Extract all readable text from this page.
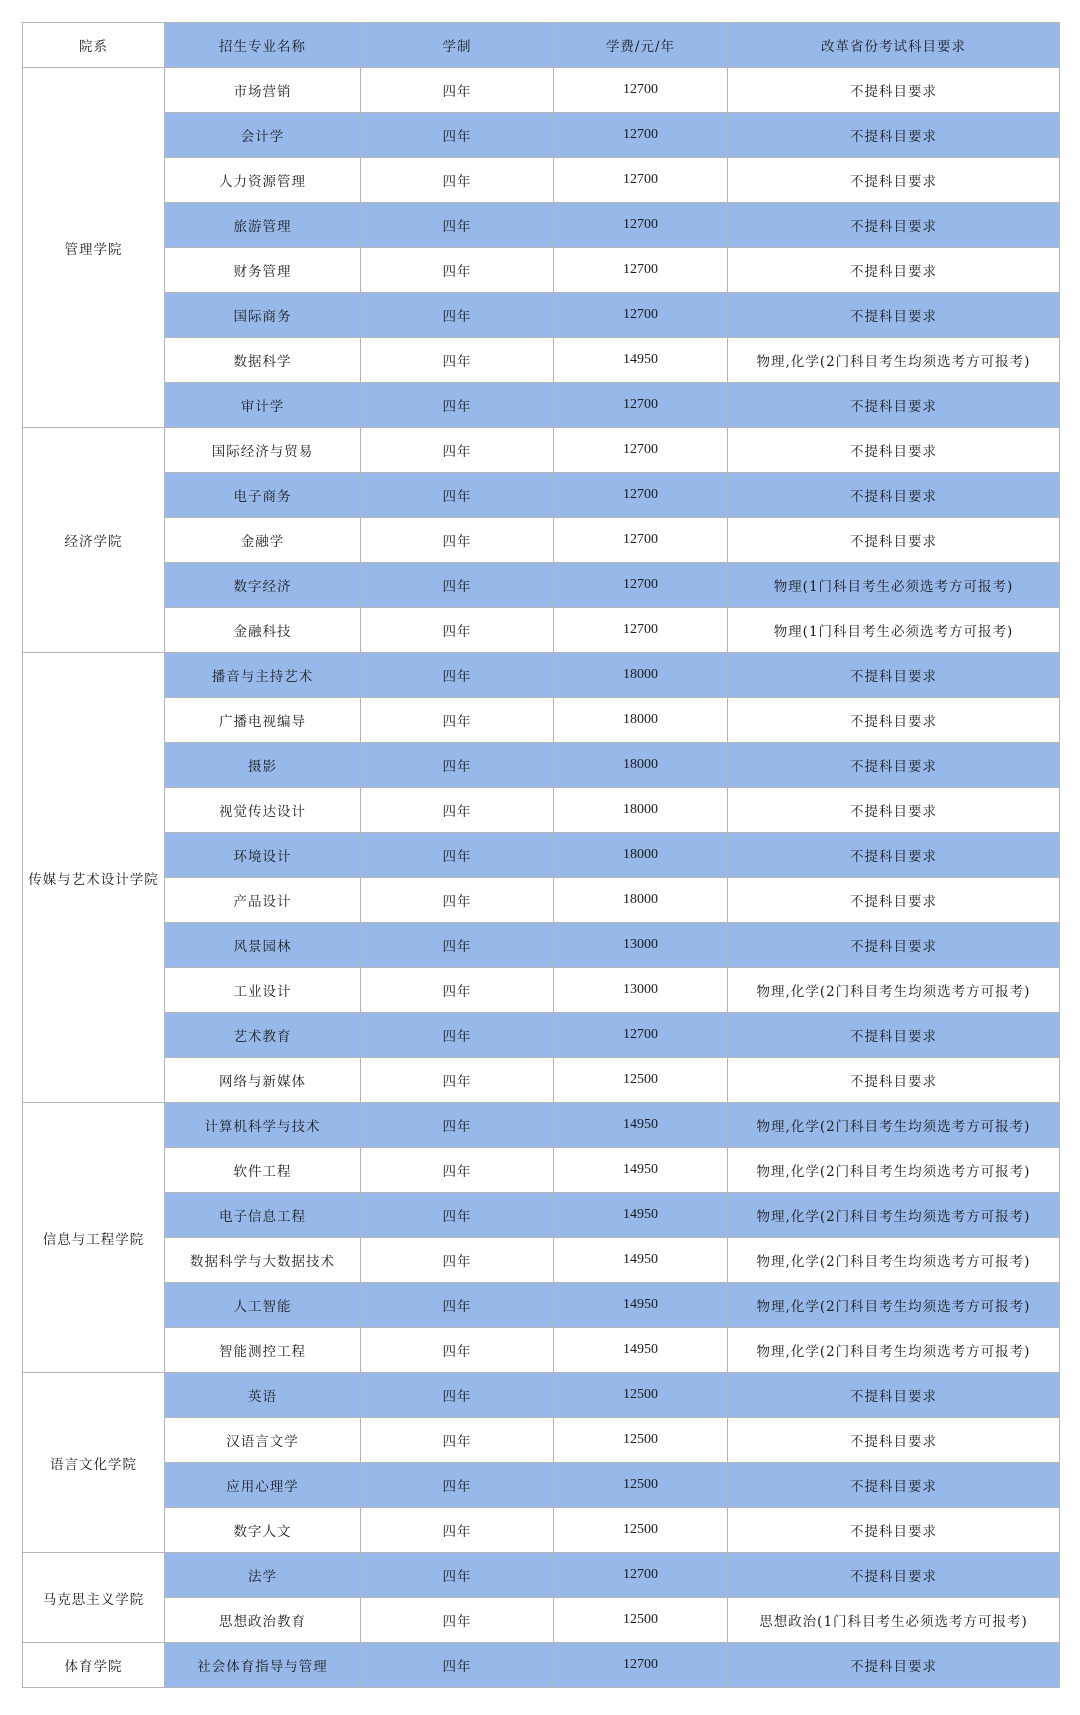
院系	招生专业名称	学制	学费/元/年	改革省份考试科目要求
管理学院	市场营销	四年	12700	不提科目要求
	会计学	四年	12700	不提科目要求
	人力资源管理	四年	12700	不提科目要求
	旅游管理	四年	12700	不提科目要求
	财务管理	四年	12700	不提科目要求
	国际商务	四年	12700	不提科目要求
	数据科学	四年	14950	物理,化学(2门科目考生均须选考方可报考)
	审计学	四年	12700	不提科目要求
经济学院	国际经济与贸易	四年	12700	不提科目要求
	电子商务	四年	12700	不提科目要求
	金融学	四年	12700	不提科目要求
	数字经济	四年	12700	物理(1门科目考生必须选考方可报考)
	金融科技	四年	12700	物理(1门科目考生必须选考方可报考)
传媒与艺术设计学院	播音与主持艺术	四年	18000	不提科目要求
	广播电视编导	四年	18000	不提科目要求
	摄影	四年	18000	不提科目要求
	视觉传达设计	四年	18000	不提科目要求
	环境设计	四年	18000	不提科目要求
	产品设计	四年	18000	不提科目要求
	风景园林	四年	13000	不提科目要求
	工业设计	四年	13000	物理,化学(2门科目考生均须选考方可报考)
	艺术教育	四年	12700	不提科目要求
	网络与新媒体	四年	12500	不提科目要求
信息与工程学院	计算机科学与技术	四年	14950	物理,化学(2门科目考生均须选考方可报考)
	软件工程	四年	14950	物理,化学(2门科目考生均须选考方可报考)
	电子信息工程	四年	14950	物理,化学(2门科目考生均须选考方可报考)
	数据科学与大数据技术	四年	14950	物理,化学(2门科目考生均须选考方可报考)
	人工智能	四年	14950	物理,化学(2门科目考生均须选考方可报考)
	智能测控工程	四年	14950	物理,化学(2门科目考生均须选考方可报考)
语言文化学院	英语	四年	12500	不提科目要求
	汉语言文学	四年	12500	不提科目要求
	应用心理学	四年	12500	不提科目要求
	数字人文	四年	12500	不提科目要求
马克思主义学院	法学	四年	12700	不提科目要求
	思想政治教育	四年	12500	思想政治(1门科目考生必须选考方可报考)
体育学院	社会体育指导与管理	四年	12700	不提科目要求
